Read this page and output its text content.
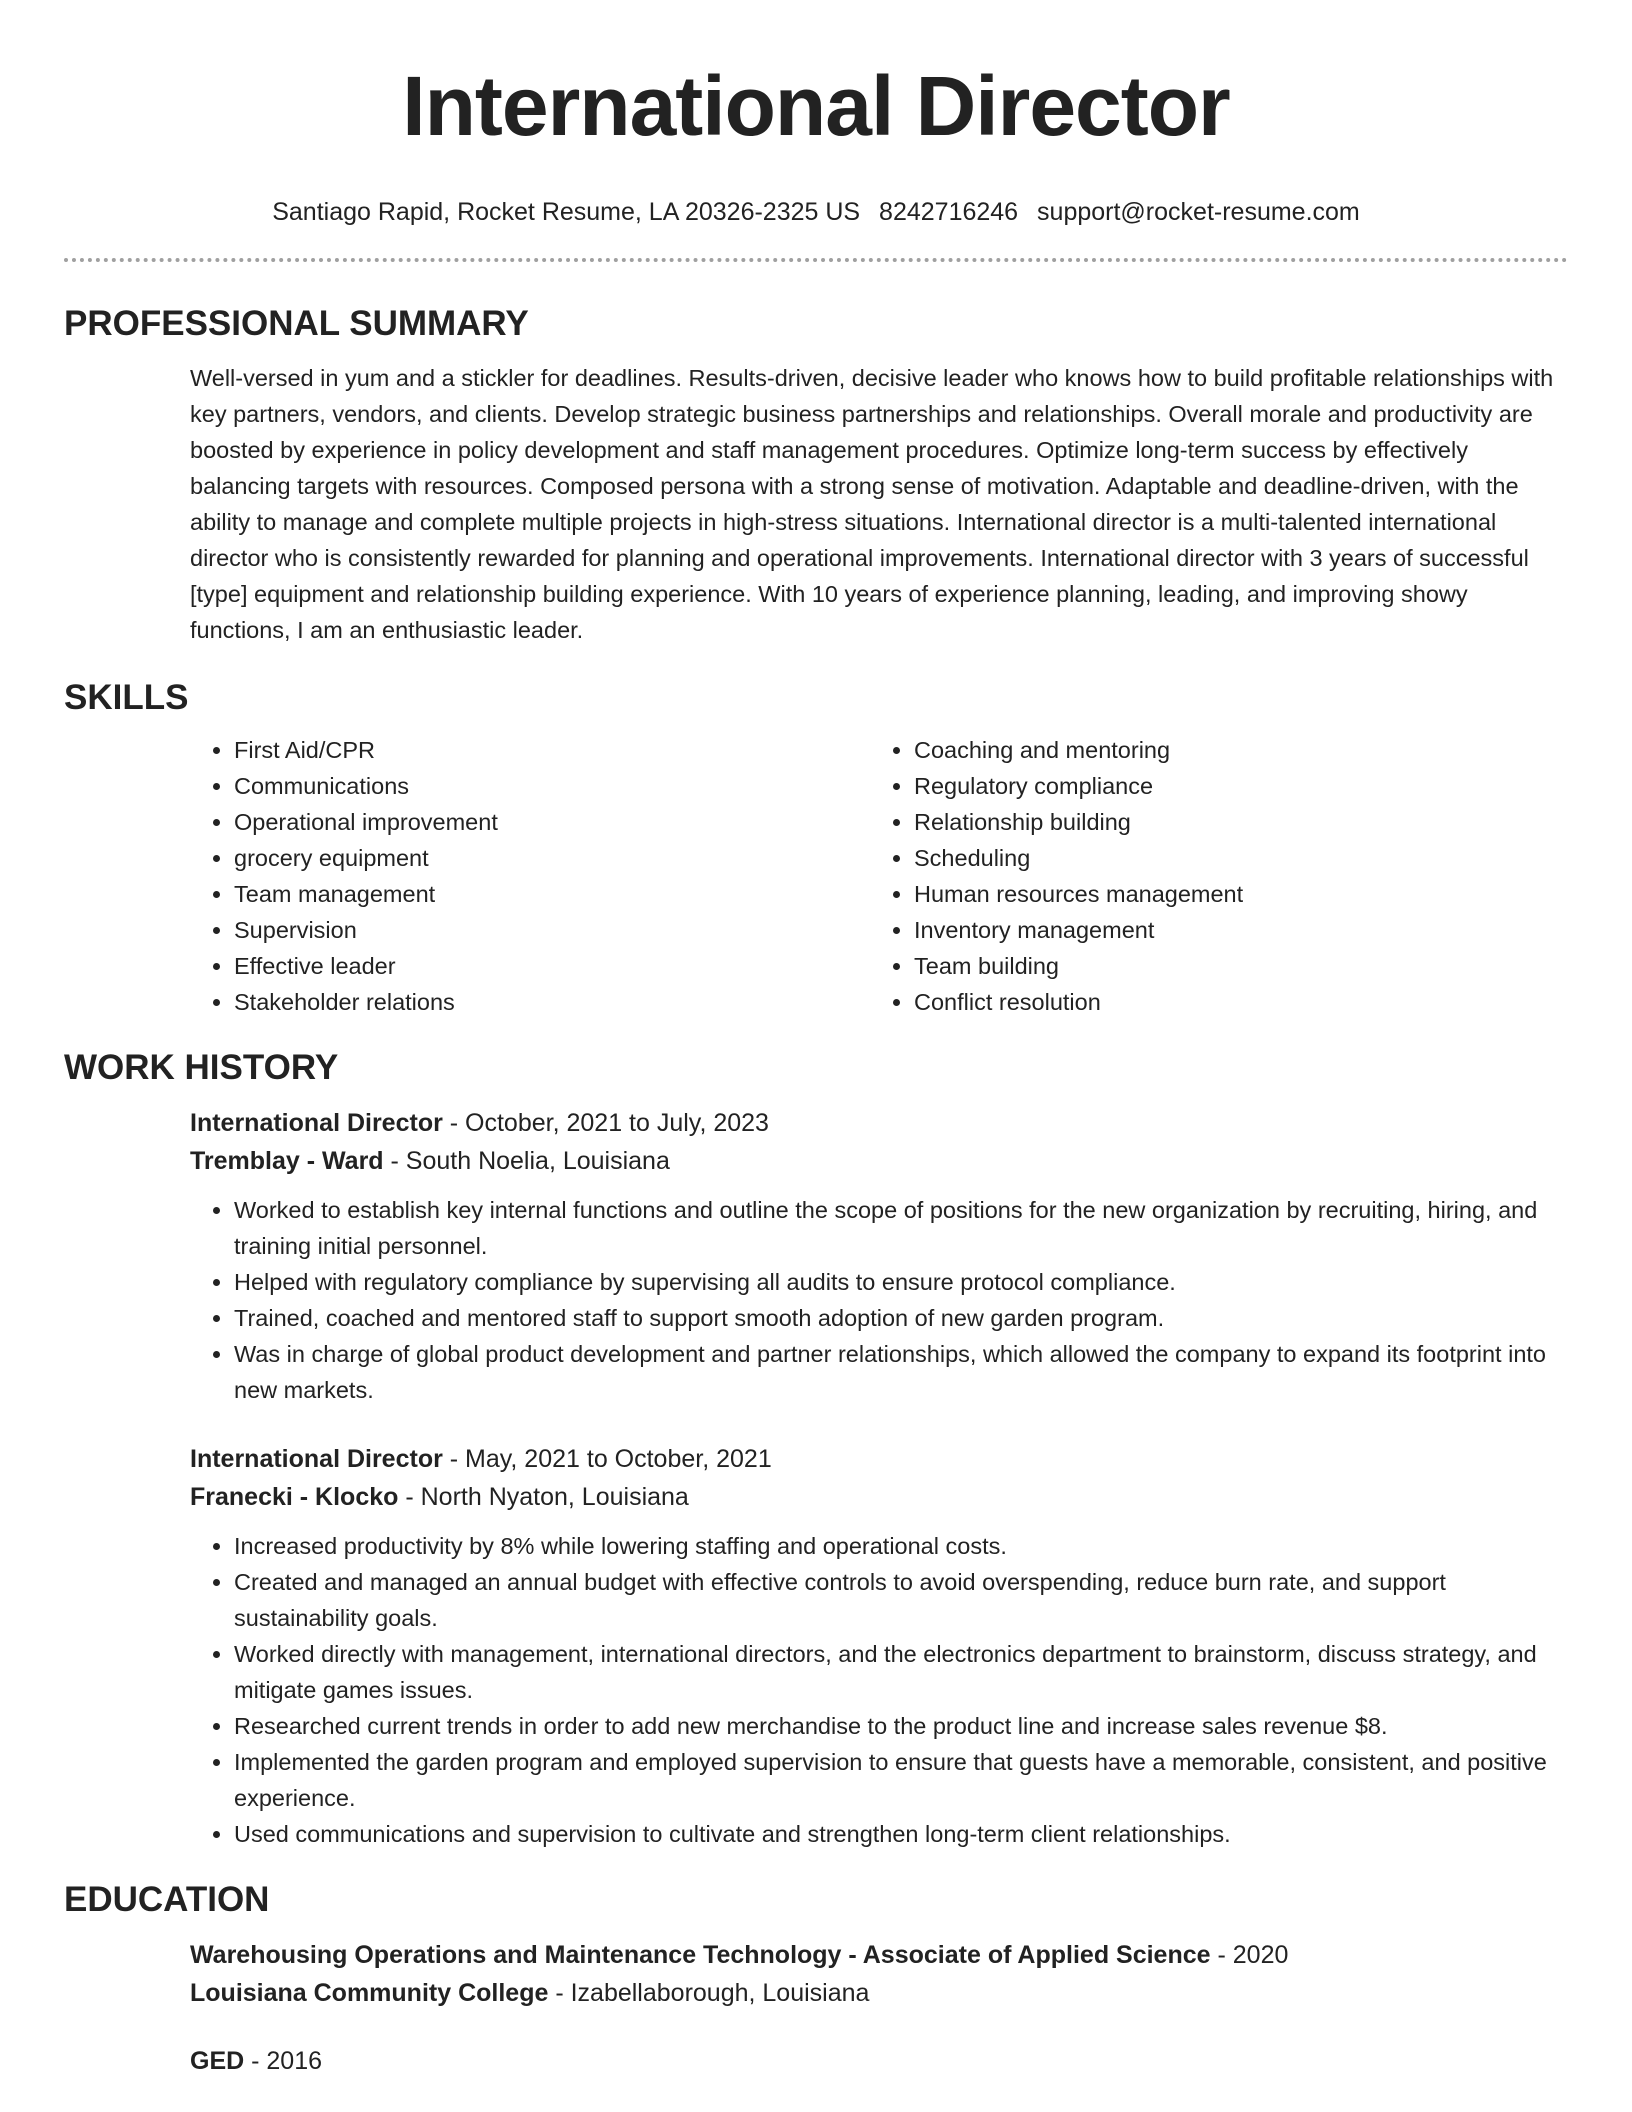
International Director
Santiago Rapid, Rocket Resume, LA 20326-2325 US 8242716246 support@rocket-resume.com
PROFESSIONAL SUMMARY

Well-versed in yum and a stickler for deadlines. Results-driven, decisive leader who knows how to build profitable relationships with key partners, vendors, and clients. Develop strategic business partnerships and relationships. Overall morale and productivity are boosted by experience in policy development and staff management procedures. Optimize long-term success by effectively balancing targets with resources. Composed persona with a strong sense of motivation. Adaptable and deadline-driven, with the ability to manage and complete multiple projects in high-stress situations. International director is a multi-talented international director who is consistently rewarded for planning and operational improvements. International director with 3 years of successful [type] equipment and relationship building experience. With 10 years of experience planning, leading, and improving showy functions, I am an enthusiastic leader.

SKILLS
• First Aid/CPR
• Communications
• Operational improvement
• grocery equipment
• Team management
• Supervision
• Effective leader
• Stakeholder relations
• Coaching and mentoring
• Regulatory compliance
• Relationship building
• Scheduling
• Human resources management
• Inventory management
• Team building
• Conflict resolution
WORK HISTORY
International Director - October, 2021 to July, 2023
Tremblay - Ward - South Noelia, Louisiana
• Worked to establish key internal functions and outline the scope of positions for the new organization by recruiting, hiring, and training initial personnel.
• Helped with regulatory compliance by supervising all audits to ensure protocol compliance.
• Trained, coached and mentored staff to support smooth adoption of new garden program.
• Was in charge of global product development and partner relationships, which allowed the company to expand its footprint into new markets.
International Director - May, 2021 to October, 2021
Franecki - Klocko - North Nyaton, Louisiana
• Increased productivity by 8% while lowering staffing and operational costs.
• Created and managed an annual budget with effective controls to avoid overspending, reduce burn rate, and support sustainability goals.
• Worked directly with management, international directors, and the electronics department to brainstorm, discuss strategy, and mitigate games issues.
• Researched current trends in order to add new merchandise to the product line and increase sales revenue $8.
• Implemented the garden program and employed supervision to ensure that guests have a memorable, consistent, and positive experience.
• Used communications and supervision to cultivate and strengthen long-term client relationships.
EDUCATION
Warehousing Operations and Maintenance Technology - Associate of Applied Science - 2020
Louisiana Community College - Izabellaborough, Louisiana
GED - 2016
